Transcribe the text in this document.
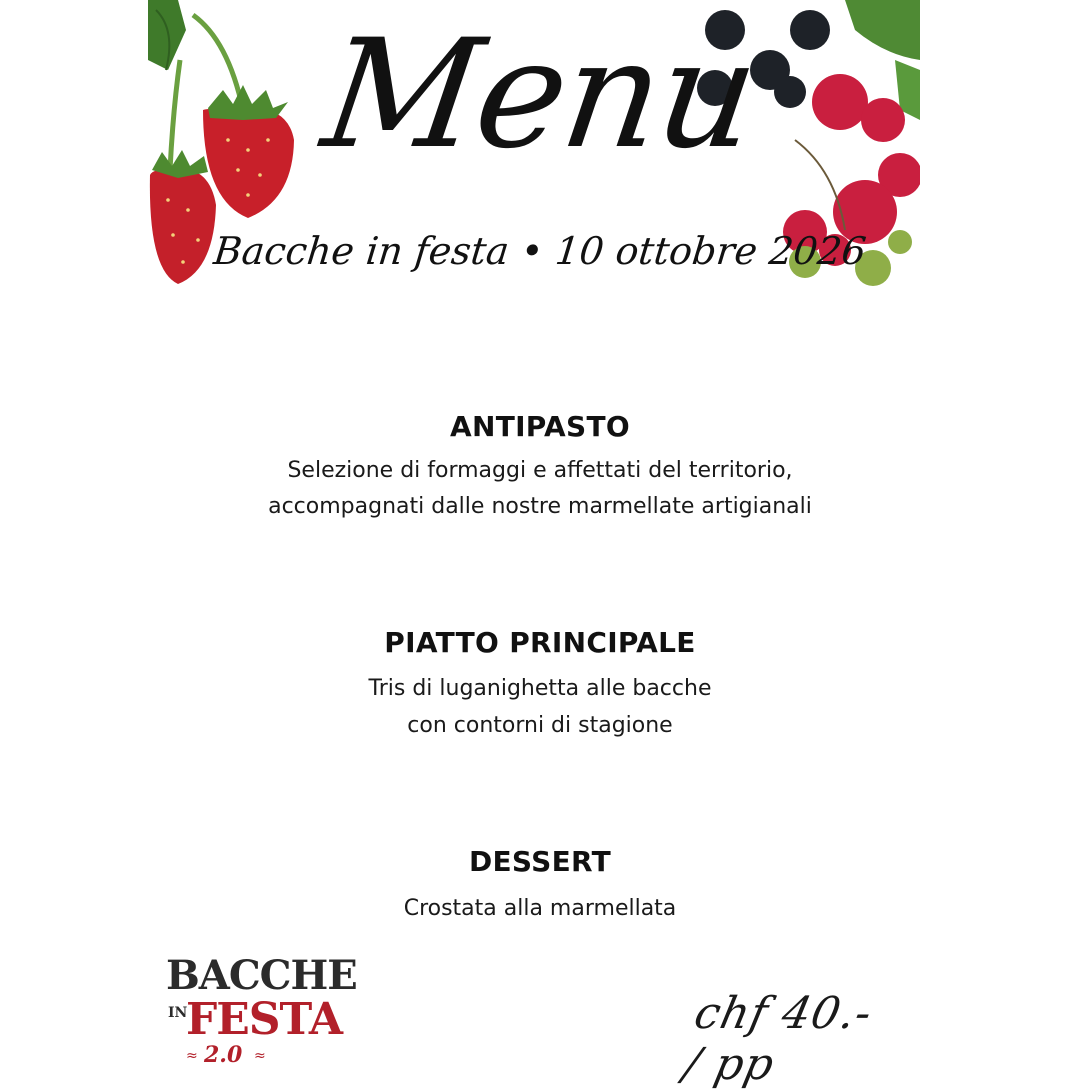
Menu
Bacche in festa • 10 ottobre 2026
ANTIPASTO
Selezione di formaggi e affettati del territorio,
accompagnati dalle nostre marmellate artigianali
PIATTO PRINCIPALE
Tris di luganighetta alle bacche
con contorni di stagione
DESSERT
Crostata alla marmellata
BACCHE
IN
FESTA
≈ 2.0 ≈
chf 40.- / pp
